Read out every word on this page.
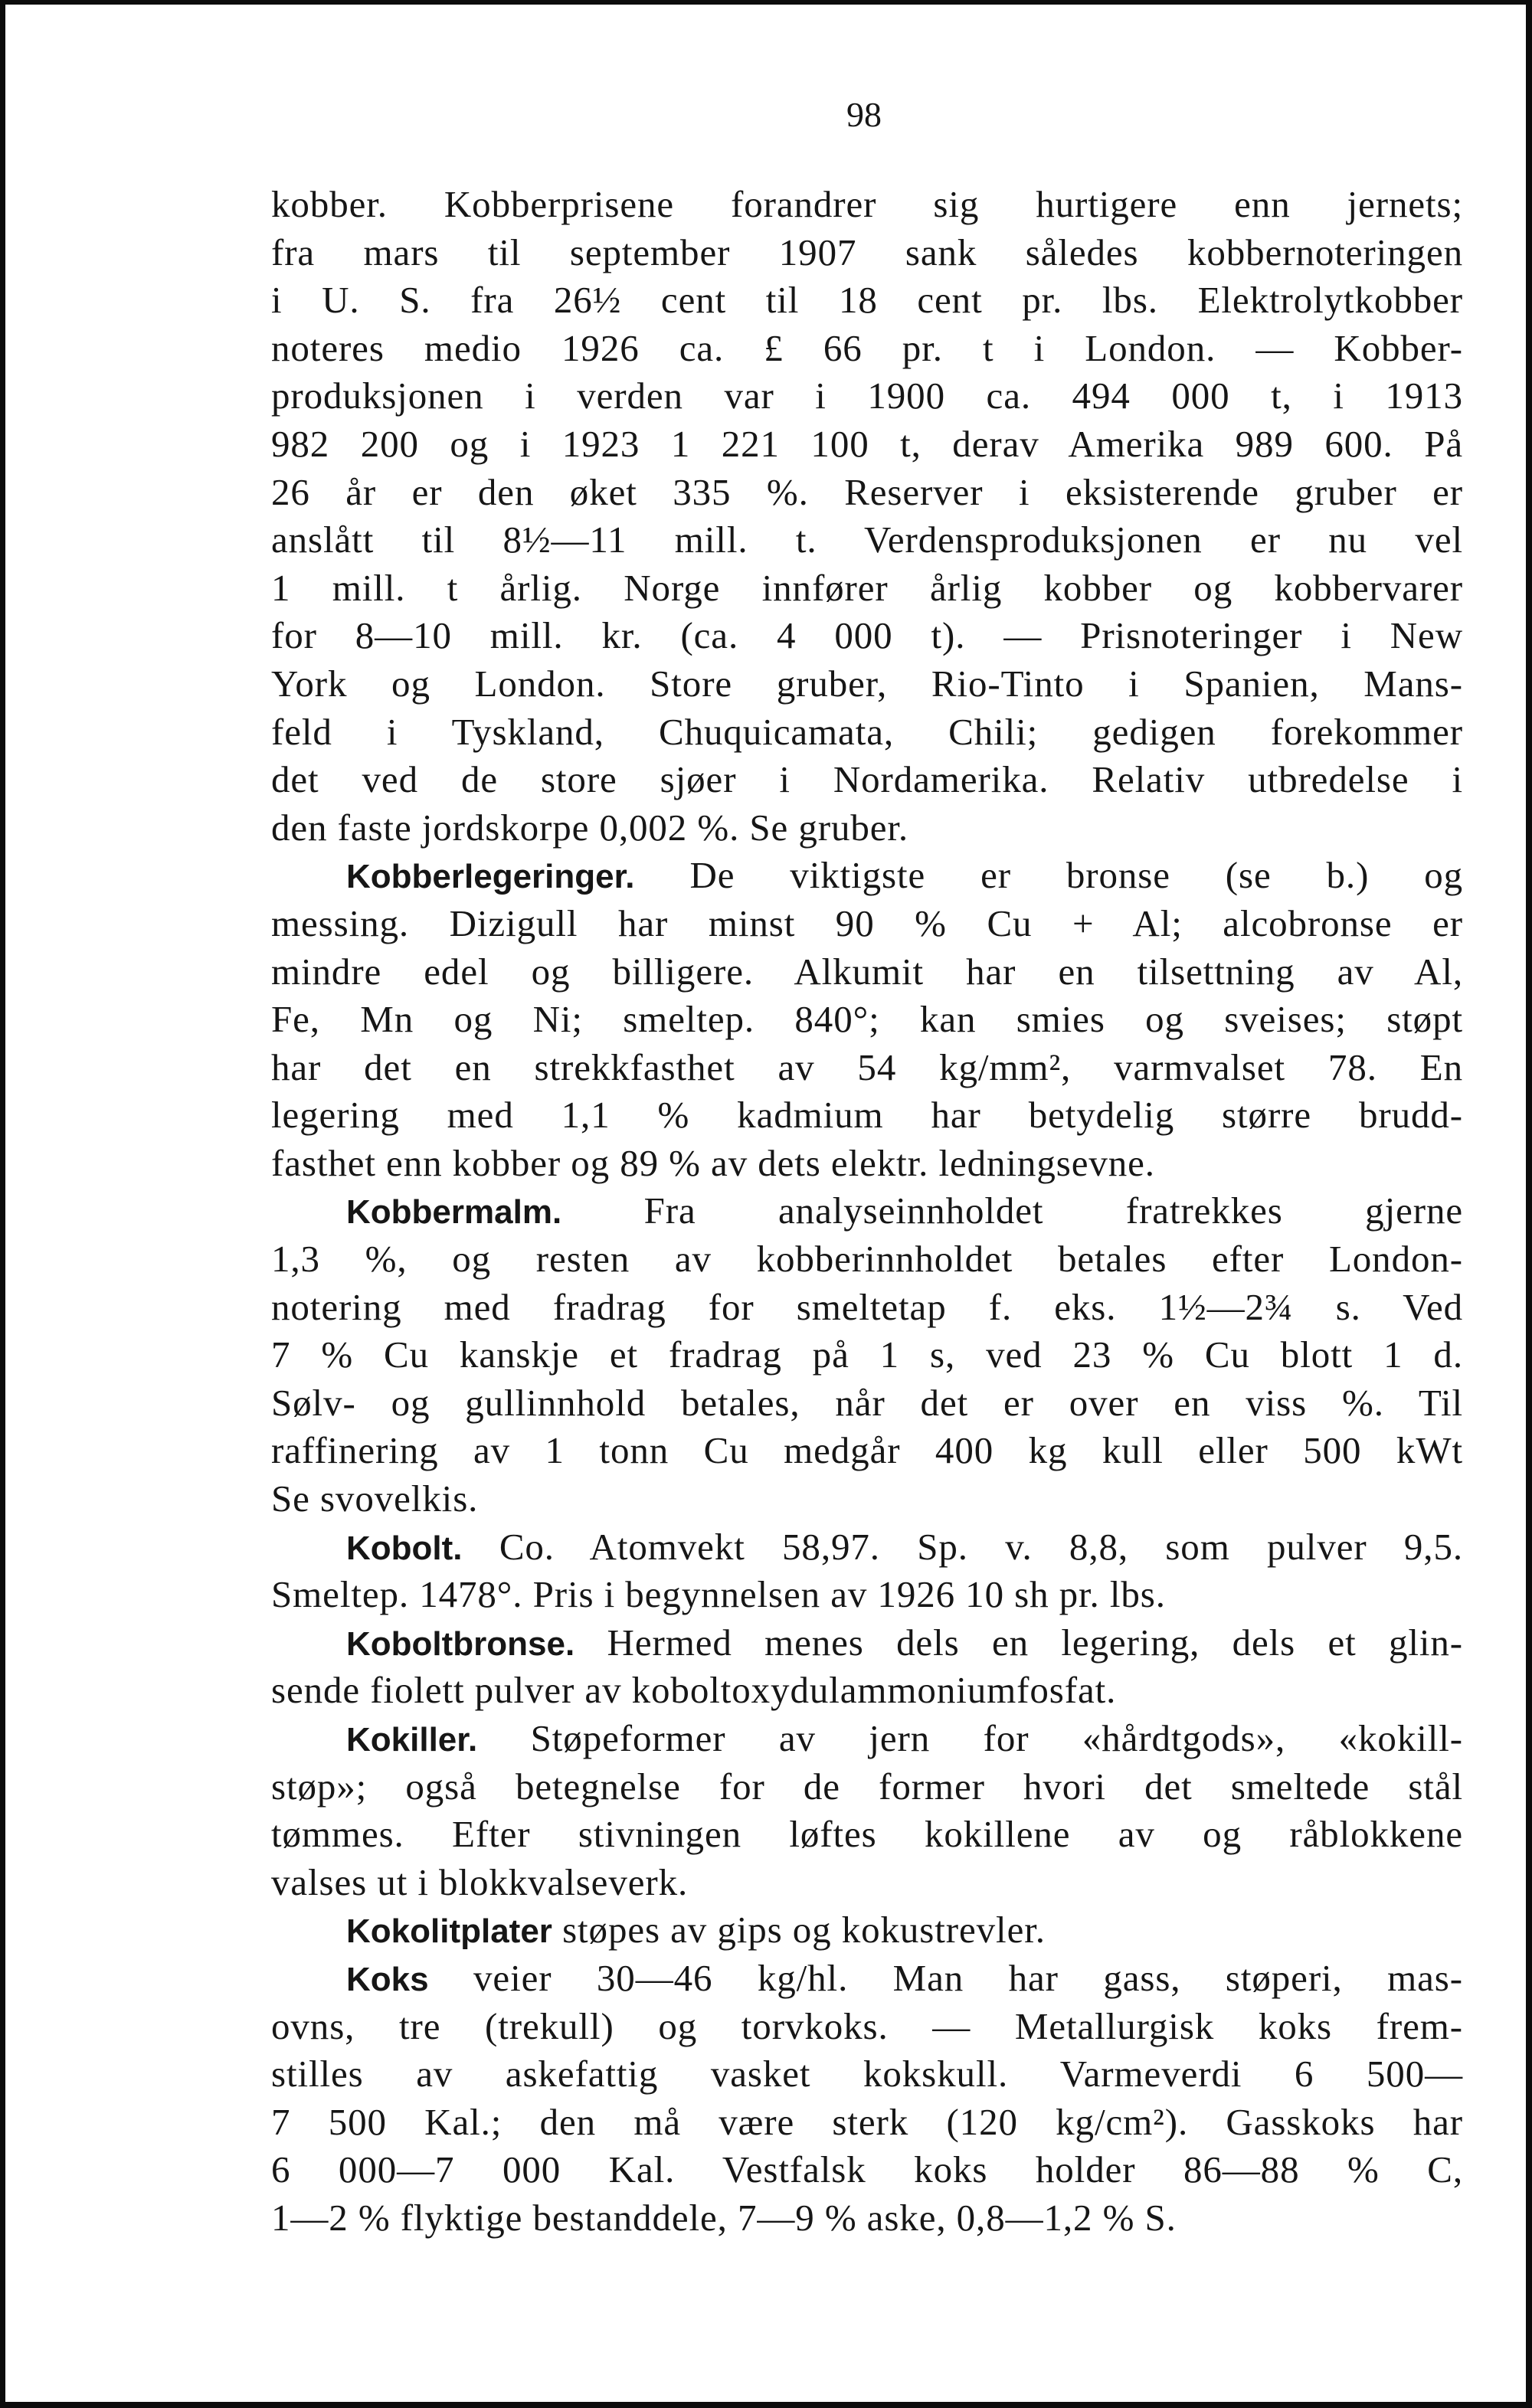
98
kobber. Kobberprisene forandrer sig hurtigere enn jernets;
fra mars til september 1907 sank således kobbernoteringen
i U. S. fra 26½ cent til 18 cent pr. lbs. Elektrolytkobber
noteres medio 1926 ca. £ 66 pr. t i London. — Kobber-
produksjonen i verden var i 1900 ca. 494 000 t, i 1913
982 200 og i 1923 1 221 100 t, derav Amerika 989 600. På
26 år er den øket 335 %. Reserver i eksisterende gruber er
anslått til 8½—11 mill. t. Verdensproduksjonen er nu vel
1 mill. t årlig. Norge innfører årlig kobber og kobbervarer
for 8—10 mill. kr. (ca. 4 000 t). — Prisnoteringer i New
York og London. Store gruber, Rio-Tinto i Spanien, Mans-
feld i Tyskland, Chuquicamata, Chili; gedigen forekommer
det ved de store sjøer i Nordamerika. Relativ utbredelse i
den faste jordskorpe 0,002 %. Se gruber.
Kobberlegeringer. De viktigste er bronse (se b.) og
messing. Dizigull har minst 90 % Cu + Al; alcobronse er
mindre edel og billigere. Alkumit har en tilsettning av Al,
Fe, Mn og Ni; smeltep. 840°; kan smies og sveises; støpt
har det en strekkfasthet av 54 kg/mm², varmvalset 78. En
legering med 1,1 % kadmium har betydelig større brudd-
fasthet enn kobber og 89 % av dets elektr. ledningsevne.
Kobbermalm. Fra analyseinnholdet fratrekkes gjerne
1,3 %, og resten av kobberinnholdet betales efter London-
notering med fradrag for smeltetap f. eks. 1½—2¾ s. Ved
7 % Cu kanskje et fradrag på 1 s, ved 23 % Cu blott 1 d.
Sølv- og gullinnhold betales, når det er over en viss %. Til
raffinering av 1 tonn Cu medgår 400 kg kull eller 500 kWt
Se svovelkis.
Kobolt. Co. Atomvekt 58,97. Sp. v. 8,8, som pulver 9,5.
Smeltep. 1478°. Pris i begynnelsen av 1926 10 sh pr. lbs.
Koboltbronse. Hermed menes dels en legering, dels et glin-
sende fiolett pulver av koboltoxydulammoniumfosfat.
Kokiller. Støpeformer av jern for «hårdtgods», «kokill-
støp»; også betegnelse for de former hvori det smeltede stål
tømmes. Efter stivningen løftes kokillene av og råblokkene
valses ut i blokkvalseverk.
Kokolitplater støpes av gips og kokustrevler.
Koks veier 30—46 kg/hl. Man har gass, støperi, mas-
ovns, tre (trekull) og torvkoks. — Metallurgisk koks frem-
stilles av askefattig vasket kokskull. Varmeverdi 6 500—
7 500 Kal.; den må være sterk (120 kg/cm²). Gasskoks har
6 000—7 000 Kal. Vestfalsk koks holder 86—88 % C,
1—2 % flyktige bestanddele, 7—9 % aske, 0,8—1,2 % S.
